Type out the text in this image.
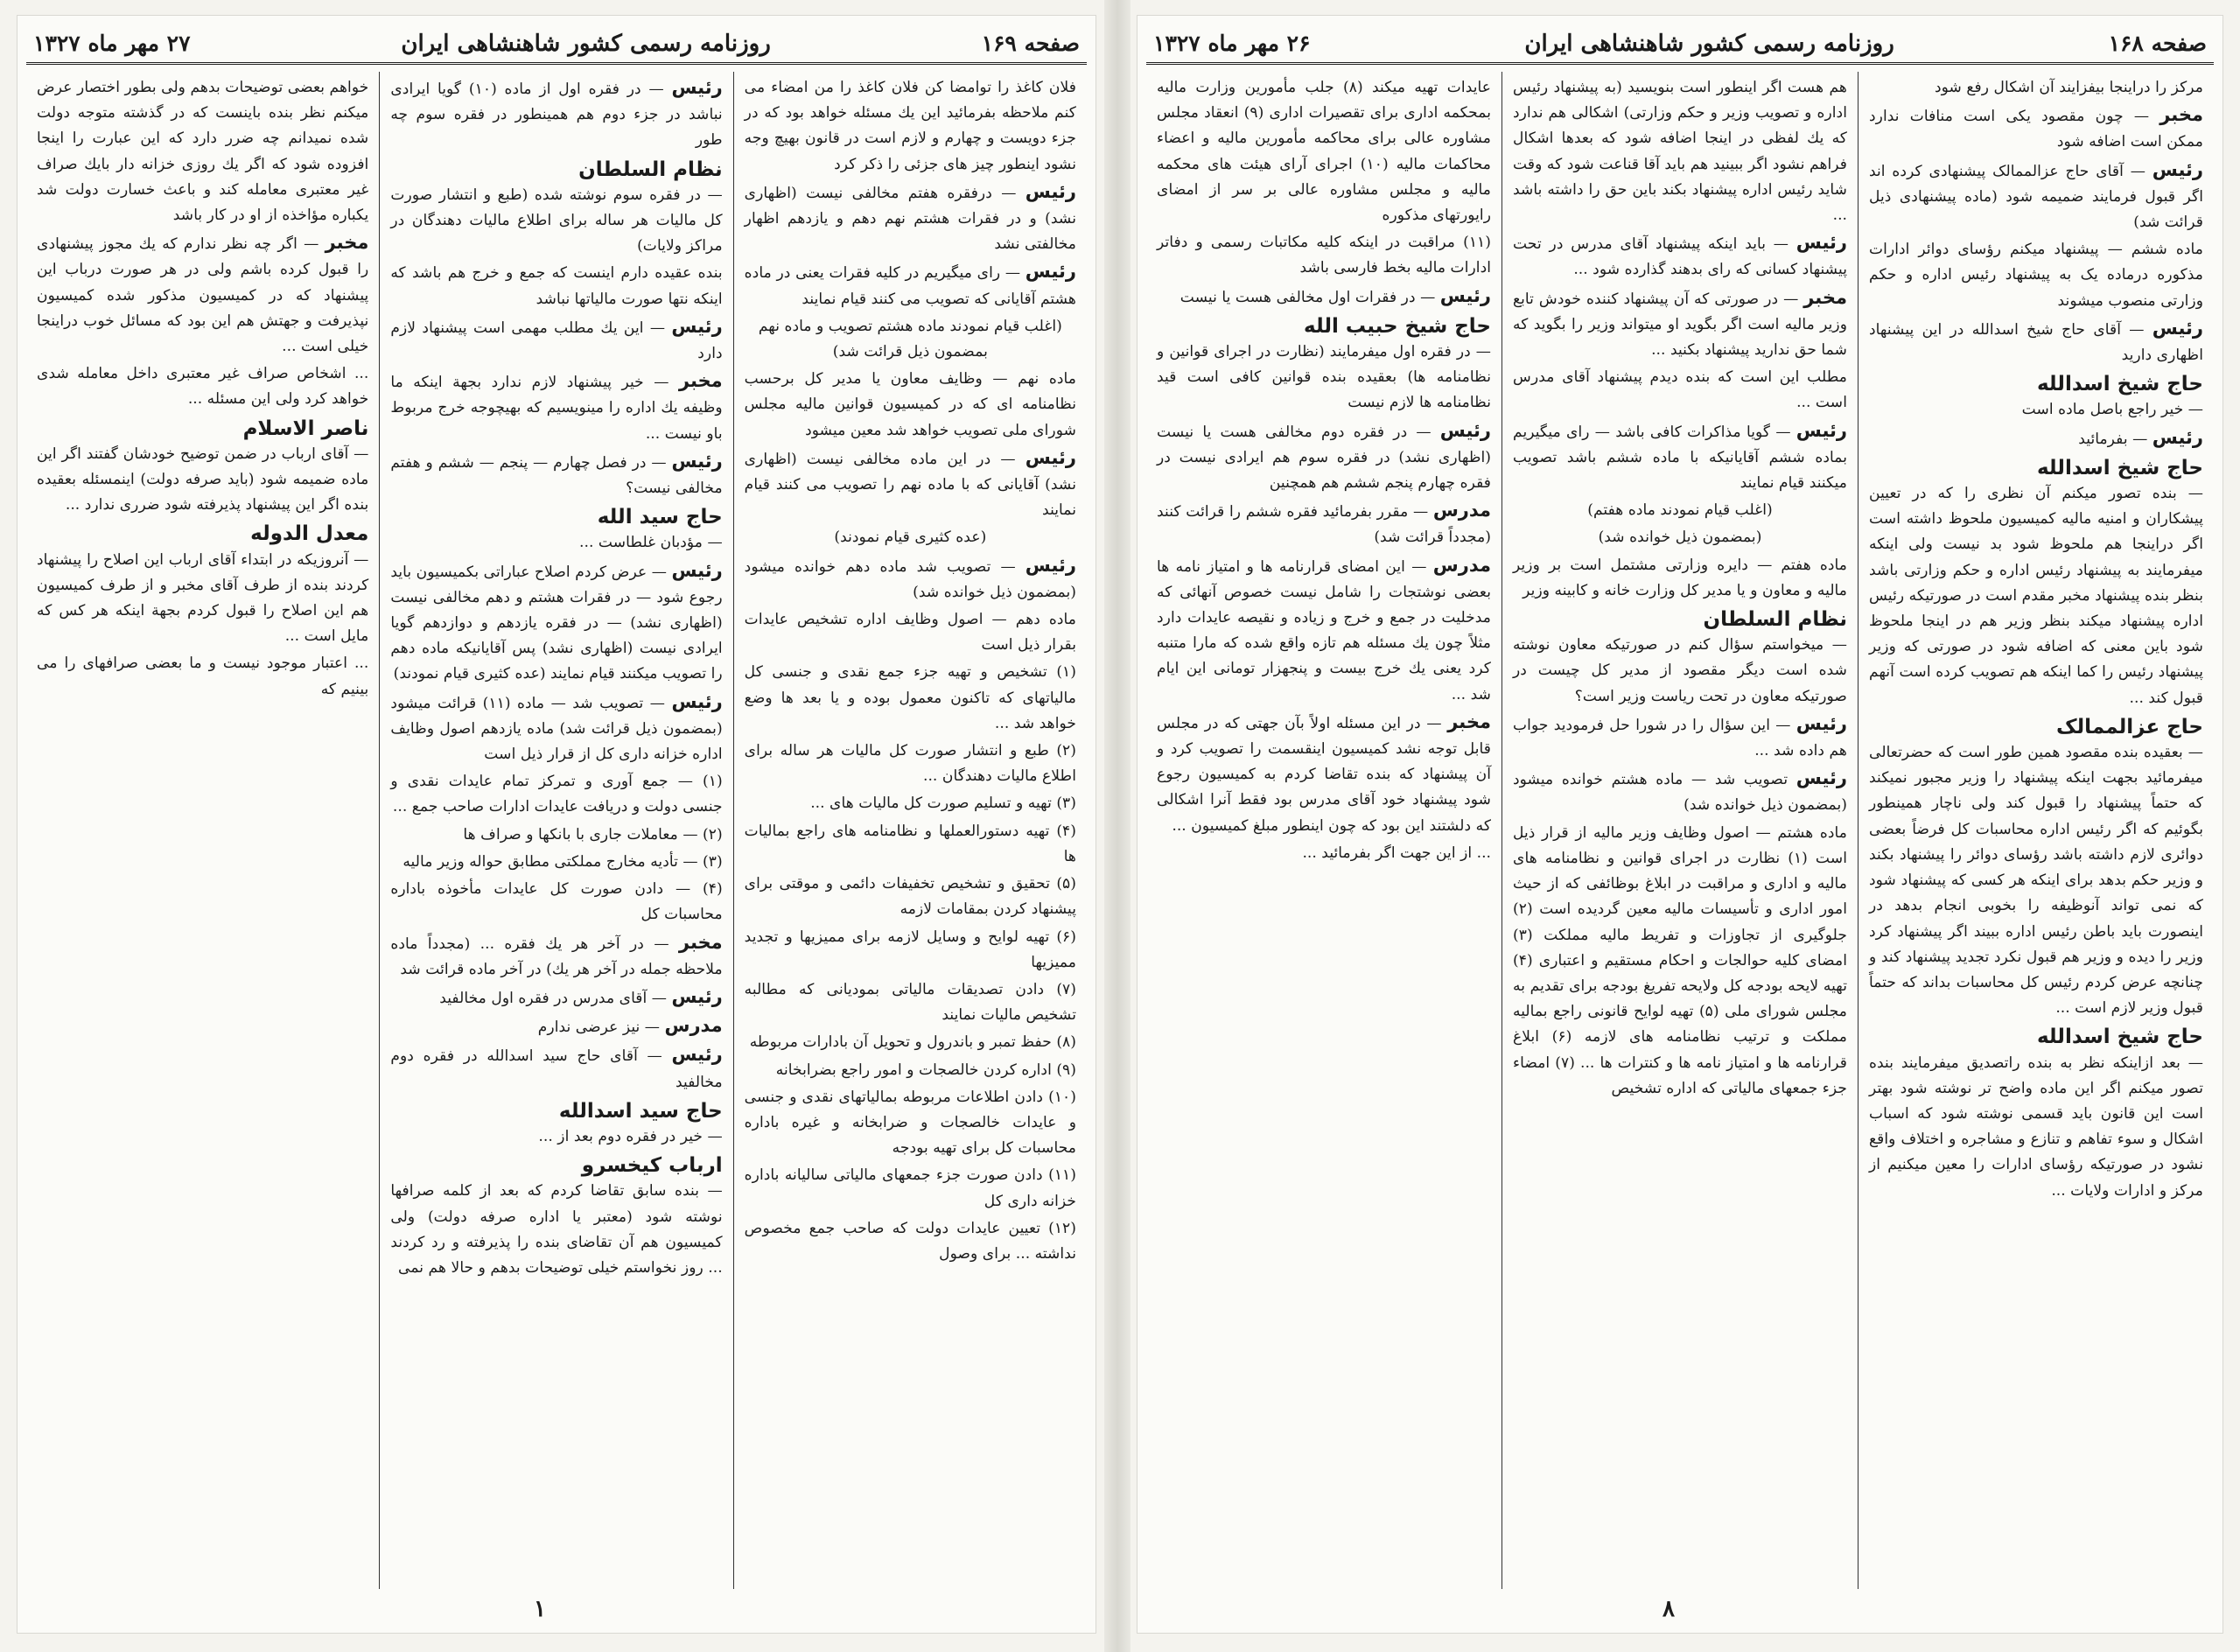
صفحه ۱۶۹
روزنامه رسمی کشور شاهنشاهی ایران
۲۷ مهر ماه ۱۳۲۷

فلان کاغذ را توامضا کن فلان کاغذ را من امضاء می کنم ملاحظه بفرمائید این یك مسئله خواهد بود که در جزء دویست و چهارم و لازم است در قانون بهیچ وجه نشود اینطور چیز های جزئی را ذکر کرد

رئیس — درفقره هفتم مخالفی نیست (اظهاری نشد) و در فقرات هشتم نهم دهم و یازدهم اظهار مخالفتی نشد

رئیس — رای میگیریم در کلیه فقرات یعنی در ماده هشتم آقایانی که تصویب می کنند قیام نمایند

(اغلب قیام نمودند ماده هشتم تصویب و ماده نهم بمضمون ذیل قرائت شد)

ماده نهم — وظایف معاون یا مدیر کل برحسب نظامنامه ای که در کمیسیون قوانین مالیه مجلس شورای ملی تصویب خواهد شد معین میشود

رئیس — در این ماده مخالفی نیست (اظهاری نشد) آقایانی که با ماده نهم را تصویب می کنند قیام نمایند

(عده کثیری قیام نمودند)

رئیس — تصویب شد ماده دهم خوانده میشود (بمضمون ذیل خوانده شد)

ماده دهم — اصول وظایف اداره تشخیص عایدات بقرار ذیل است

(۱) تشخیص و تهیه جزء جمع نقدی و جنسی کل مالیاتهای که تاکنون معمول بوده و یا بعد ها وضع خواهد شد ...

(۲) طبع و انتشار صورت کل مالیات هر ساله برای اطلاع مالیات دهندگان ...

(۳) تهیه و تسلیم صورت کل مالیات های ...

(۴) تهیه دستورالعملها و نظامنامه های راجع بمالیات ها

(۵) تحقیق و تشخیص تخفیفات دائمی و موقتی برای پیشنهاد کردن بمقامات لازمه

(۶) تهیه لوایح و وسایل لازمه برای ممیزیها و تجدید ممیزیها

(۷) دادن تصدیقات مالیاتی بمودیانی که مطالبه تشخیص مالیات نمایند

(۸) حفظ تمبر و باندرول و تحویل آن بادارات مربوطه

(۹) اداره کردن خالصجات و امور راجع بضرابخانه

(۱۰) دادن اطلاعات مربوطه بمالیاتهای نقدی و جنسی و عایدات خالصجات و ضرابخانه و غیره باداره محاسبات کل برای تهیه بودجه

(۱۱) دادن صورت جزء جمعهای مالیاتی سالیانه باداره خزانه داری کل

(۱۲) تعیین عایدات دولت که صاحب جمع مخصوص نداشته ... برای وصول

رئیس — در فقره اول از ماده (۱۰) گویا ایرادی نباشد در جزء دوم هم همینطور در فقره سوم چه طور

نظام السلطان
— در فقره سوم نوشته شده (طبع و انتشار صورت کل مالیات هر ساله برای اطلاع مالیات دهندگان در مراکز ولایات)

بنده عقیده دارم اینست که جمع و خرج هم باشد که اینکه نتها صورت مالیاتها نباشد

رئیس — این یك مطلب مهمی است پیشنهاد لازم دارد

مخبر — خیر پیشنهاد لازم ندارد بجهة اینکه ما وظیفه یك اداره را مینویسیم که بهیچوجه خرج مربوط باو نیست ...

رئیس — در فصل چهارم — پنجم — ششم و هفتم مخالفی نیست؟

حاج سید الله
— مؤدبان غلطاست ...

رئیس — عرض کردم اصلاح عباراتی بکمیسیون باید رجوع شود — در فقرات هشتم و دهم مخالفی نیست (اظهاری نشد) — در فقره یازدهم و دوازدهم گویا ایرادی نیست (اظهاری نشد) پس آقایانیکه ماده دهم را تصویب میکنند قیام نمایند (عده کثیری قیام نمودند)

رئیس — تصویب شد — ماده (۱۱) قرائت میشود (بمضمون ذیل قرائت شد) ماده یازدهم اصول وظایف اداره خزانه داری کل از قرار ذیل است

(۱) — جمع آوری و تمرکز تمام عایدات نقدی و جنسی دولت و دریافت عایدات ادارات صاحب جمع ...

(۲) — معاملات جاری با بانکها و صراف ها

(۳) — تأدیه مخارج مملکتی مطابق حواله وزیر مالیه

(۴) — دادن صورت کل عایدات مأخوذه باداره محاسبات کل

مخبر — در آخر هر یك فقره ... (مجدداً ماده ملاحظه جمله در آخر هر یك) در آخر ماده قرائت شد

رئیس — آقای مدرس در فقره اول مخالفید

مدرس — نیز عرضی ندارم

رئیس — آقای حاج سید اسدالله در فقره دوم مخالفید

حاج سید اسدالله
— خیر در فقره دوم بعد از ...

ارباب کیخسرو
— بنده سابق تقاضا کردم که بعد از کلمه صرافها نوشته شود (معتبر یا اداره صرفه دولت) ولی کمیسیون هم آن تقاضای بنده را پذیرفته و رد کردند ... روز نخواستم خیلی توضیحات بدهم و حالا هم نمی

خواهم بعضی توضیحات بدهم ولی بطور اختصار عرض میکنم نظر بنده باینست که در گذشته متوجه دولت شده نمیدانم چه ضرر دارد که این عبارت را اینجا افزوده شود که اگر یك روزی خزانه دار بایك صراف غیر معتبری معامله کند و باعث خسارت دولت شد یکباره مؤاخذه از او در کار باشد

مخبر — اگر چه نظر ندارم که یك مجوز پیشنهادی را قبول کرده باشم ولی در هر صورت درباب این پیشنهاد که در کمیسیون مذکور شده کمیسیون نپذیرفت و جهتش هم این بود که مسائل خوب دراینجا خیلی است ...

... اشخاص صراف غیر معتبری داخل معامله شدی خواهد کرد ولی این مسئله ...

ناصر الاسلام
— آقای ارباب در ضمن توضیح خودشان گفتند اگر این ماده ضمیمه شود (باید صرفه دولت) اینمسئله بعقیده بنده اگر این پیشنهاد پذیرفته شود ضرری ندارد ...

معدل الدوله
— آنروزیکه در ابتداء آقای ارباب این اصلاح را پیشنهاد کردند بنده از طرف آقای مخبر و از طرف کمیسیون هم این اصلاح را قبول کردم بجهة اینکه هر کس که مایل است ...

... اعتبار موجود نیست و ما بعضی صرافهای را می بینیم که

۱
صفحه ۱۶۸
روزنامه رسمی کشور شاهنشاهی ایران
۲۶ مهر ماه ۱۳۲۷

مرکز را دراینجا بیفزایند آن اشکال رفع شود

مخبر — چون مقصود یکی است منافات ندارد ممکن است اضافه شود

رئیس — آقای حاج عزالممالک پیشنهادی کرده اند اگر قبول فرمایند ضمیمه شود (ماده پیشنهادی ذیل قرائت شد)

ماده ششم — پیشنهاد میکنم رؤسای دوائر ادارات مذکوره درماده یک به پیشنهاد رئیس اداره و حکم وزارتی منصوب میشوند

رئیس — آقای حاج شیخ اسدالله در این پیشنهاد اظهاری دارید

حاج شیخ اسدالله
— خیر راجع باصل ماده است

رئیس — بفرمائید

حاج شیخ اسدالله
— بنده تصور میکنم آن نظری را که در تعیین پیشکاران و امنیه مالیه کمیسیون ملحوظ داشته است اگر دراینجا هم ملحوظ شود بد نیست ولی اینکه میفرمایند به پیشنهاد رئیس اداره و حکم وزارتی باشد بنظر بنده پیشنهاد مخبر مقدم است در صورتیکه رئیس اداره پیشنهاد میکند بنظر وزیر هم در اینجا ملحوظ شود باین معنی که اضافه شود در صورتی که وزیر پیشنهاد رئیس را کما اینکه هم تصویب کرده است آنهم قبول کند ...

حاج عزالممالک
— بعقیده بنده مقصود همین طور است که حضرتعالی میفرمائید بجهت اینکه پیشنهاد را وزیر مجبور نمیکند که حتماً پیشنهاد را قبول کند ولی ناچار همینطور بگوئیم که اگر رئیس اداره محاسبات کل فرضاً بعضی دوائری لازم داشته باشد رؤسای دوائر را پیشنهاد بکند و وزیر حکم بدهد برای اینکه هر کسی که پیشنهاد شود که نمی تواند آنوظیفه را بخوبی انجام بدهد در اینصورت باید باطن رئیس اداره ببیند اگر پیشنهاد کرد وزیر را دیده و وزیر هم قبول نکرد تجدید پیشنهاد کند و چنانچه عرض کردم رئیس کل محاسبات بداند که حتماً قبول وزیر لازم است ...

حاج شیخ اسدالله
— بعد ازاینکه نظر به بنده راتصدیق میفرمایند بنده تصور میکنم اگر این ماده واضح تر نوشته شود بهتر است این قانون باید قسمی نوشته شود که اسباب اشکال و سوء تفاهم و تنازع و مشاجره و اختلاف واقع نشود در صورتیکه رؤسای ادارات را معین میکنیم از مرکز و ادارات ولایات ...

هم هست اگر اینطور است بنویسید (به پیشنهاد رئیس اداره و تصویب وزیر و حکم وزارتی) اشکالی هم ندارد که یك لفظی در اینجا اضافه شود که بعدها اشکال فراهم نشود اگر ببینید هم باید آقا قناعت شود که وقت شاید رئیس اداره پیشنهاد بکند باین حق را داشته باشد ...

رئیس — باید اینکه پیشنهاد آقای مدرس در تحت پیشنهاد کسانی که رای بدهند گذارده شود ...

مخبر — در صورتی که آن پیشنهاد کننده خودش تابع وزیر مالیه است اگر بگوید او میتواند وزیر را بگوید که شما حق ندارید پیشنهاد بکنید ...

مطلب این است که بنده دیدم پیشنهاد آقای مدرس است ...

رئیس — گویا مذاکرات کافی باشد — رای میگیریم بماده ششم آقایانیکه با ماده ششم باشد تصویب میکنند قیام نمایند

(اغلب قیام نمودند ماده هفتم)

(بمضمون ذیل خوانده شد)

ماده هفتم — دایره وزارتی مشتمل است بر وزیر مالیه و معاون و یا مدیر کل وزارت خانه و کابینه وزیر

نظام السلطان
— میخواستم سؤال کنم در صورتیکه معاون نوشته شده است دیگر مقصود از مدیر کل چیست در صورتیکه معاون در تحت ریاست وزیر است؟

رئیس — این سؤال را در شورا حل فرمودید جواب هم داده شد ...

رئیس تصویب شد — ماده هشتم خوانده میشود (بمضمون ذیل خوانده شد)

ماده هشتم — اصول وظایف وزیر مالیه از قرار ذیل است (۱) نظارت در اجرای قوانین و نظامنامه های مالیه و اداری و مراقبت در ابلاغ بوظائفی که از حیث امور اداری و تأسیسات مالیه معین گردیده است (۲) جلوگیری از تجاوزات و تفریط مالیه مملکت (۳) امضای کلیه حوالجات و احکام مستقیم و اعتباری (۴) تهیه لایحه بودجه کل ولایحه تفریغ بودجه برای تقدیم به مجلس شورای ملی (۵) تهیه لوایح قانونی راجع بمالیه مملکت و ترتیب نظامنامه های لازمه (۶) ابلاغ قرارنامه ها و امتیاز نامه ها و کنترات ها ... (۷) امضاء جزء جمعهای مالیاتی که اداره تشخیص

عایدات تهیه میکند (۸) جلب مأمورین وزارت مالیه بمحکمه اداری برای تقصیرات اداری (۹) انعقاد مجلس مشاوره عالی برای محاکمه مأمورین مالیه و اعضاء محاکمات مالیه (۱۰) اجرای آرای هیئت های محکمه مالیه و مجلس مشاوره عالی بر سر از امضای رایورتهای مذکوره

(۱۱) مراقبت در اینکه کلیه مکاتبات رسمی و دفاتر ادارات مالیه بخط فارسی باشد

رئیس — در فقرات اول مخالفی هست یا نیست

حاج شیخ حبیب الله
— در فقره اول میفرمایند (نظارت در اجرای قوانین و نظامنامه ها) بعقیده بنده قوانین کافی است قید نظامنامه ها لازم نیست

رئیس — در فقره دوم مخالفی هست یا نیست (اظهاری نشد) در فقره سوم هم ایرادی نیست در فقره چهارم پنجم ششم هم همچنین

مدرس — مقرر بفرمائید فقره ششم را قرائت کنند (مجدداً قرائت شد)

مدرس — این امضای قرارنامه ها و امتیاز نامه ها بعضی نوشتجات را شامل نیست خصوص آنهائی که مدخلیت در جمع و خرج و زیاده و نقیصه عایدات دارد مثلاً چون یك مسئله هم تازه واقع شده که مارا متنبه کرد یعنی یك خرج بیست و پنجهزار تومانی این ایام شد ...

مخبر — در این مسئله اولاً بآن جهتی که در مجلس قابل توجه نشد کمیسیون اینقسمت را تصویب کرد و آن پیشنهاد که بنده تقاضا کردم به کمیسیون رجوع شود پیشنهاد خود آقای مدرس بود فقط آنرا اشکالی که دلشتند این بود که چون اینطور مبلغ کمیسیون ...

... از این جهت اگر بفرمائید ...

۸
